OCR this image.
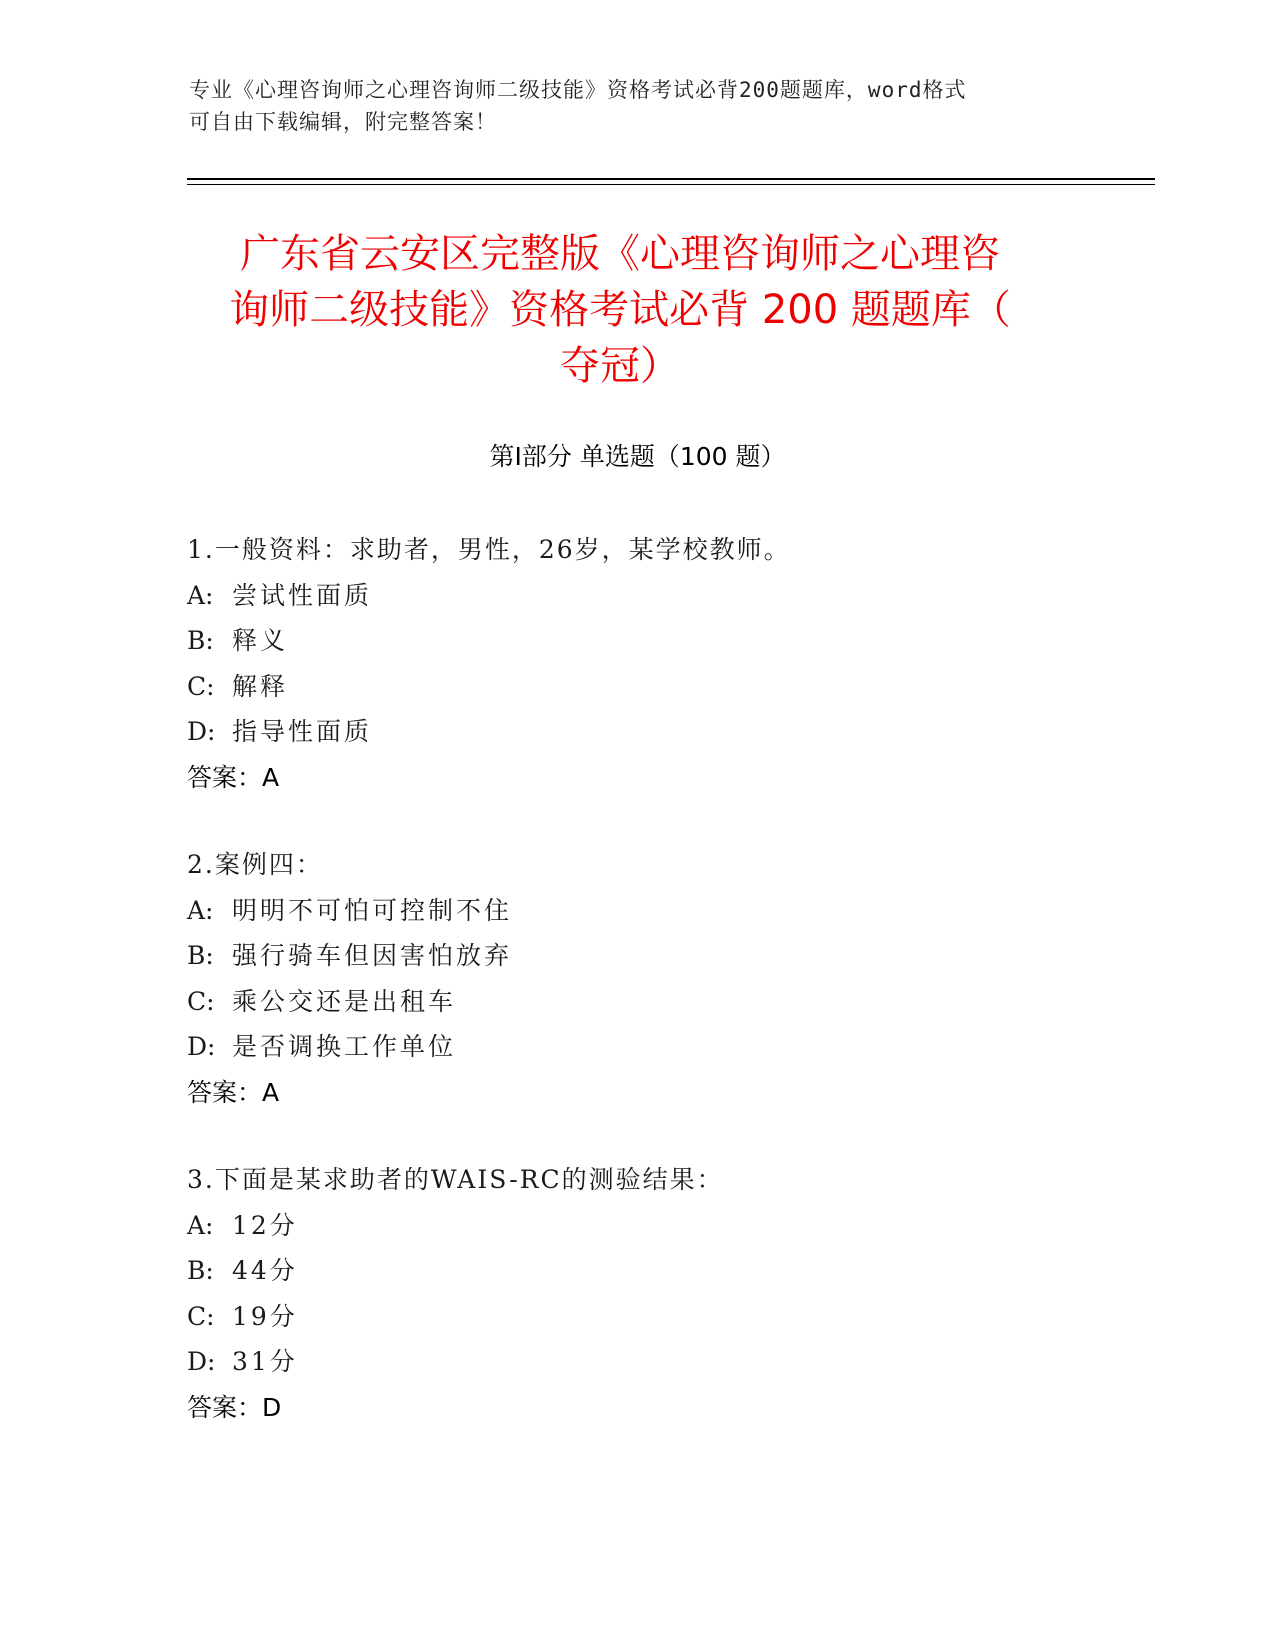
专业《心理咨询师之心理咨询师二级技能》资格考试必背200题题库，word格式
可自由下载编辑，附完整答案！
广东省云安区完整版《心理咨询师之心理咨
询师二级技能》资格考试必背 200 题题库（
夺冠）
第Ⅰ部分 单选题（100 题）
1.一般资料：求助者，男性，26岁，某学校教师。
A: 尝试性面质
B: 释义
C: 解释
D: 指导性面质
答案：A
2.案例四：
A: 明明不可怕可控制不住
B: 强行骑车但因害怕放弃
C: 乘公交还是出租车
D: 是否调换工作单位
答案：A
3.下面是某求助者的WAIS-RC的测验结果：
A: 12分
B: 44分
C: 19分
D: 31分
答案：D
